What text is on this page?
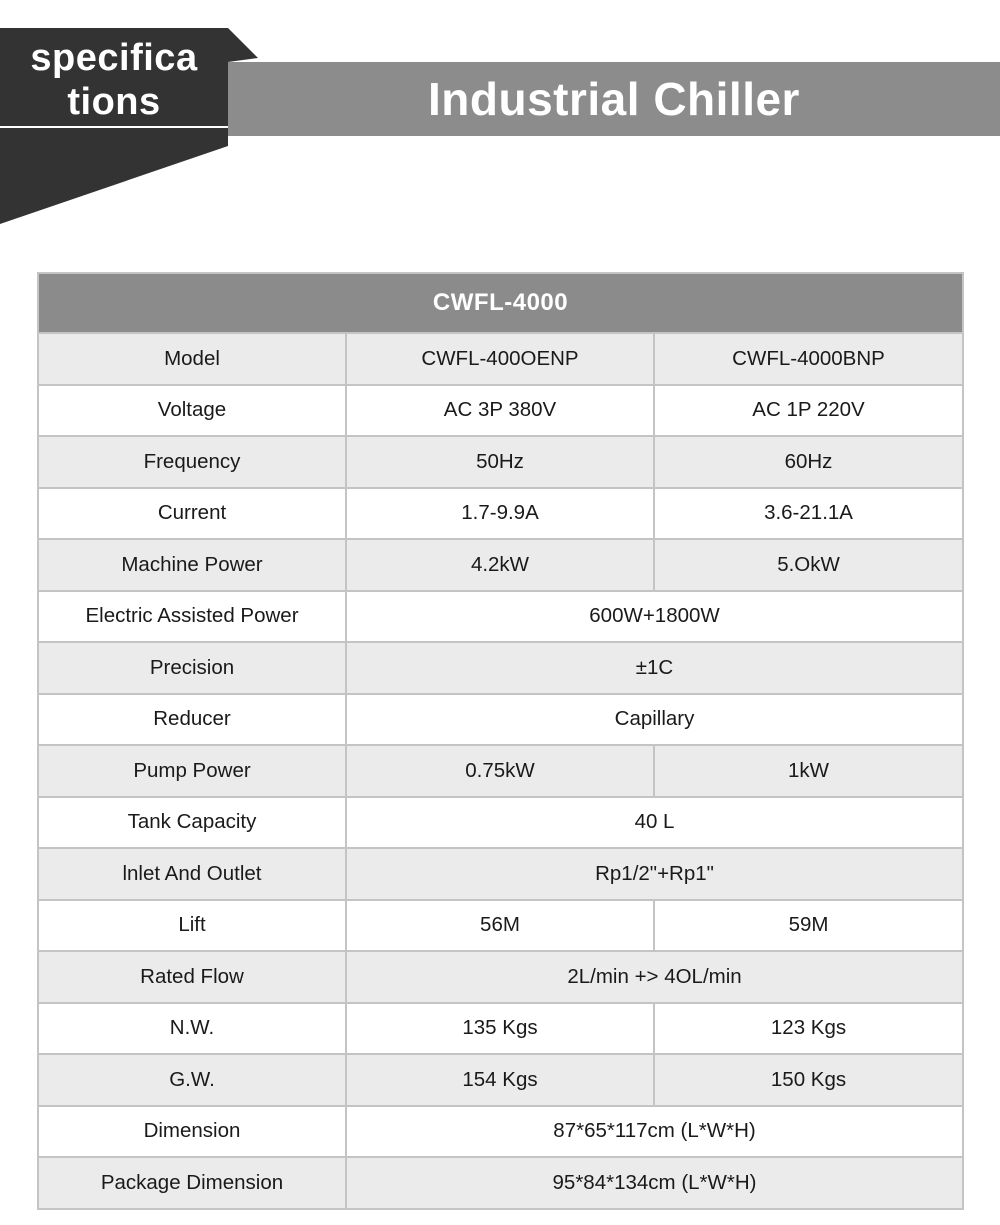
specifica
tions	Industrial Chiller
CWFL-4000		
Model	CWFL-400OENP	CWFL-4000BNP
Voltage	AC 3P 380V	AC 1P 220V
Frequency	50Hz	60Hz
Current	1.7-9.9A	3.6-21.1A
Machine Power	4.2kW	5.OkW
Electric Assisted Power	600W+1800W	
Precision	±1C	
Reducer	Capillary	
Pump Power	0.75kW	1kW
Tank Capacity	40 L	
lnlet And Outlet	Rp1/2"+Rp1"	
Lift	56M	59M
Rated Flow	2L/min +> 4OL/min	
N.W.	135 Kgs	123 Kgs
G.W.	154 Kgs	150 Kgs
Dimension	87*65*117cm (L*W*H)	
Package Dimension	95*84*134cm (L*W*H)	
